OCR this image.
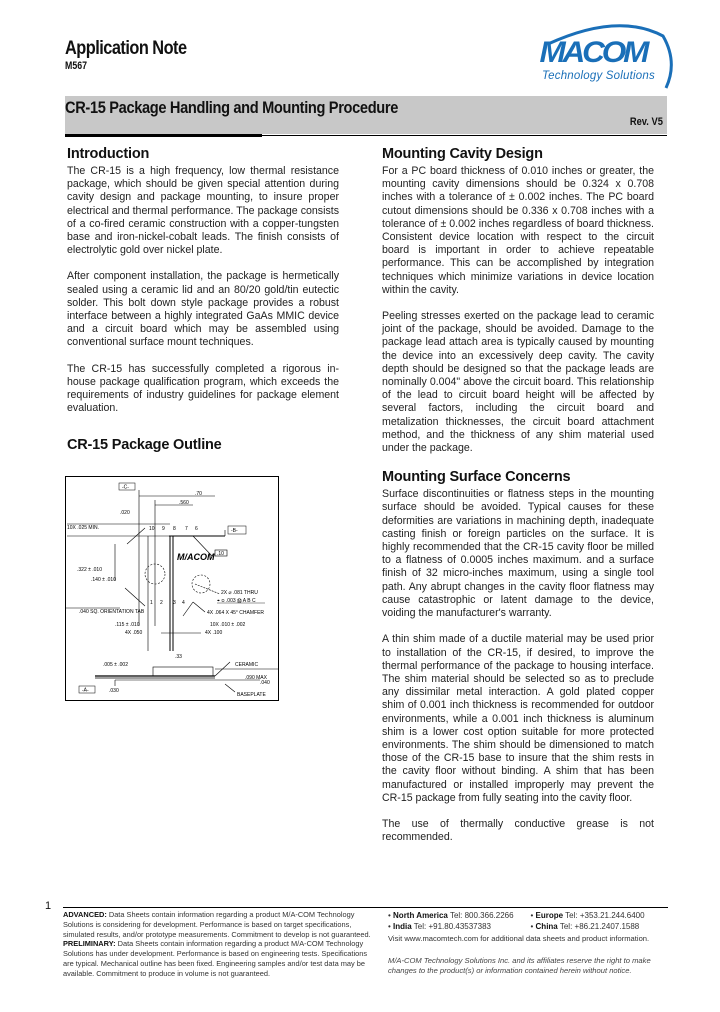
Application Note
M567	MACOM
Technology Solutions
CR-15 Package Handling and Mounting Procedure
Rev. V5
Introduction

The CR-15 is a high frequency, low thermal resistance package, which should be given special attention during cavity design and package mounting, to insure proper electrical and thermal performance. The package consists of a co-fired ceramic construction with a copper-tungsten base and iron-nickel-cobalt leads. The finish consists of electrolytic gold over nickel plate.

After component installation, the package is hermetically sealed using a ceramic lid and an 80/20 gold/tin eutectic solder. This bolt down style package provides a robust interface between a highly integrated GaAs MMIC device and a circuit board which may be assembled using conventional surface mount techniques.

The CR-15 has successfully completed a rigorous in-house package qualification program, which exceeds the requirements of industry guidelines for package element evaluation.

CR-15 Package Outline
-C-
.70
.560
.020
10X .025 MIN.	-B-
10 9 8 7 6
M/ACOM .10
.322 ± .010
.140 ± .010
2X ⌀ .081 THRU
⌖ ⌀ .003 Ⓜ A B C
4X .064 X 45° CHAMFER
.040 SQ. ORIENTATION TAB
1 2 3 4
.115 ± .010
4X .050
10X .010 ± .002
4X .100
.33
.005 ± .002	CERAMIC
.040
.090 MAX
-A-	.030
BASEPLATE
Mounting Cavity Design

For a PC board thickness of 0.010 inches or greater, the mounting cavity dimensions should be 0.324 x 0.708 inches with a tolerance of ± 0.002 inches. The PC board cutout dimensions should be 0.336 x 0.708 inches with a tolerance of ± 0.002 inches regardless of board thickness. Consistent device location with respect to the circuit board is important in order to achieve repeatable performance. This can be accomplished by integration techniques which minimize variations in device location within the cavity.

Peeling stresses exerted on the package lead to ceramic joint of the package, should be avoided. Damage to the package lead attach area is typically caused by mounting the device into an excessively deep cavity. The cavity depth should be designed so that the package leads are nominally 0.004" above the circuit board. This relationship of the lead to circuit board height will be affected by several factors, including the circuit board and metalization thicknesses, the circuit board attachment method, and the thickness of any shim material used under the package.

Mounting Surface Concerns

Surface discontinuities or flatness steps in the mounting surface should be avoided. Typical causes for these deformities are variations in machining depth, inadequate casting finish or foreign particles on the surface. It is highly recommended that the CR-15 cavity floor be milled to a flatness of 0.0005 inches maximum. and a surface finish of 32 micro-inches maximum, using a single tool path. Any abrupt changes in the cavity floor flatness may cause catastrophic or latent damage to the device, voiding the manufacturer's warranty.

A thin shim made of a ductile material may be used prior to installation of the CR-15, if desired, to improve the thermal performance of the package to housing interface. The shim material should be selected so as to preclude any dissimilar metal interaction. A gold plated copper shim of 0.001 inch thickness is recommended for outdoor environments, while a 0.001 inch thickness is aluminum shim is a lower cost option suitable for more protected environments. The shim should be dimensioned to match those of the CR-15 base to insure that the shim rests in the cavity floor without binding. A shim that has been manufactured or installed improperly may prevent the CR-15 package from fully seating into the cavity floor.

The use of thermally conductive grease is not recommended.

1
ADVANCED: Data Sheets contain information regarding a product M/A-COM Technology Solutions is considering for development. Performance is based on target specifications, simulated results, and/or prototype measurements. Commitment to develop is not guaranteed.
PRELIMINARY: Data Sheets contain information regarding a product M/A-COM Technology Solutions has under development. Performance is based on engineering tests. Specifications are typical. Mechanical outline has been fixed. Engineering samples and/or test data may be available. Commitment to produce in volume is not guaranteed.
• North America Tel: 800.366.2266	• Europe Tel: +353.21.244.6400
• India Tel: +91.80.43537383	• China Tel: +86.21.2407.1588
Visit www.macomtech.com for additional data sheets and product information.
M/A-COM Technology Solutions Inc. and its affiliates reserve the right to make changes to the product(s) or information contained herein without notice.
